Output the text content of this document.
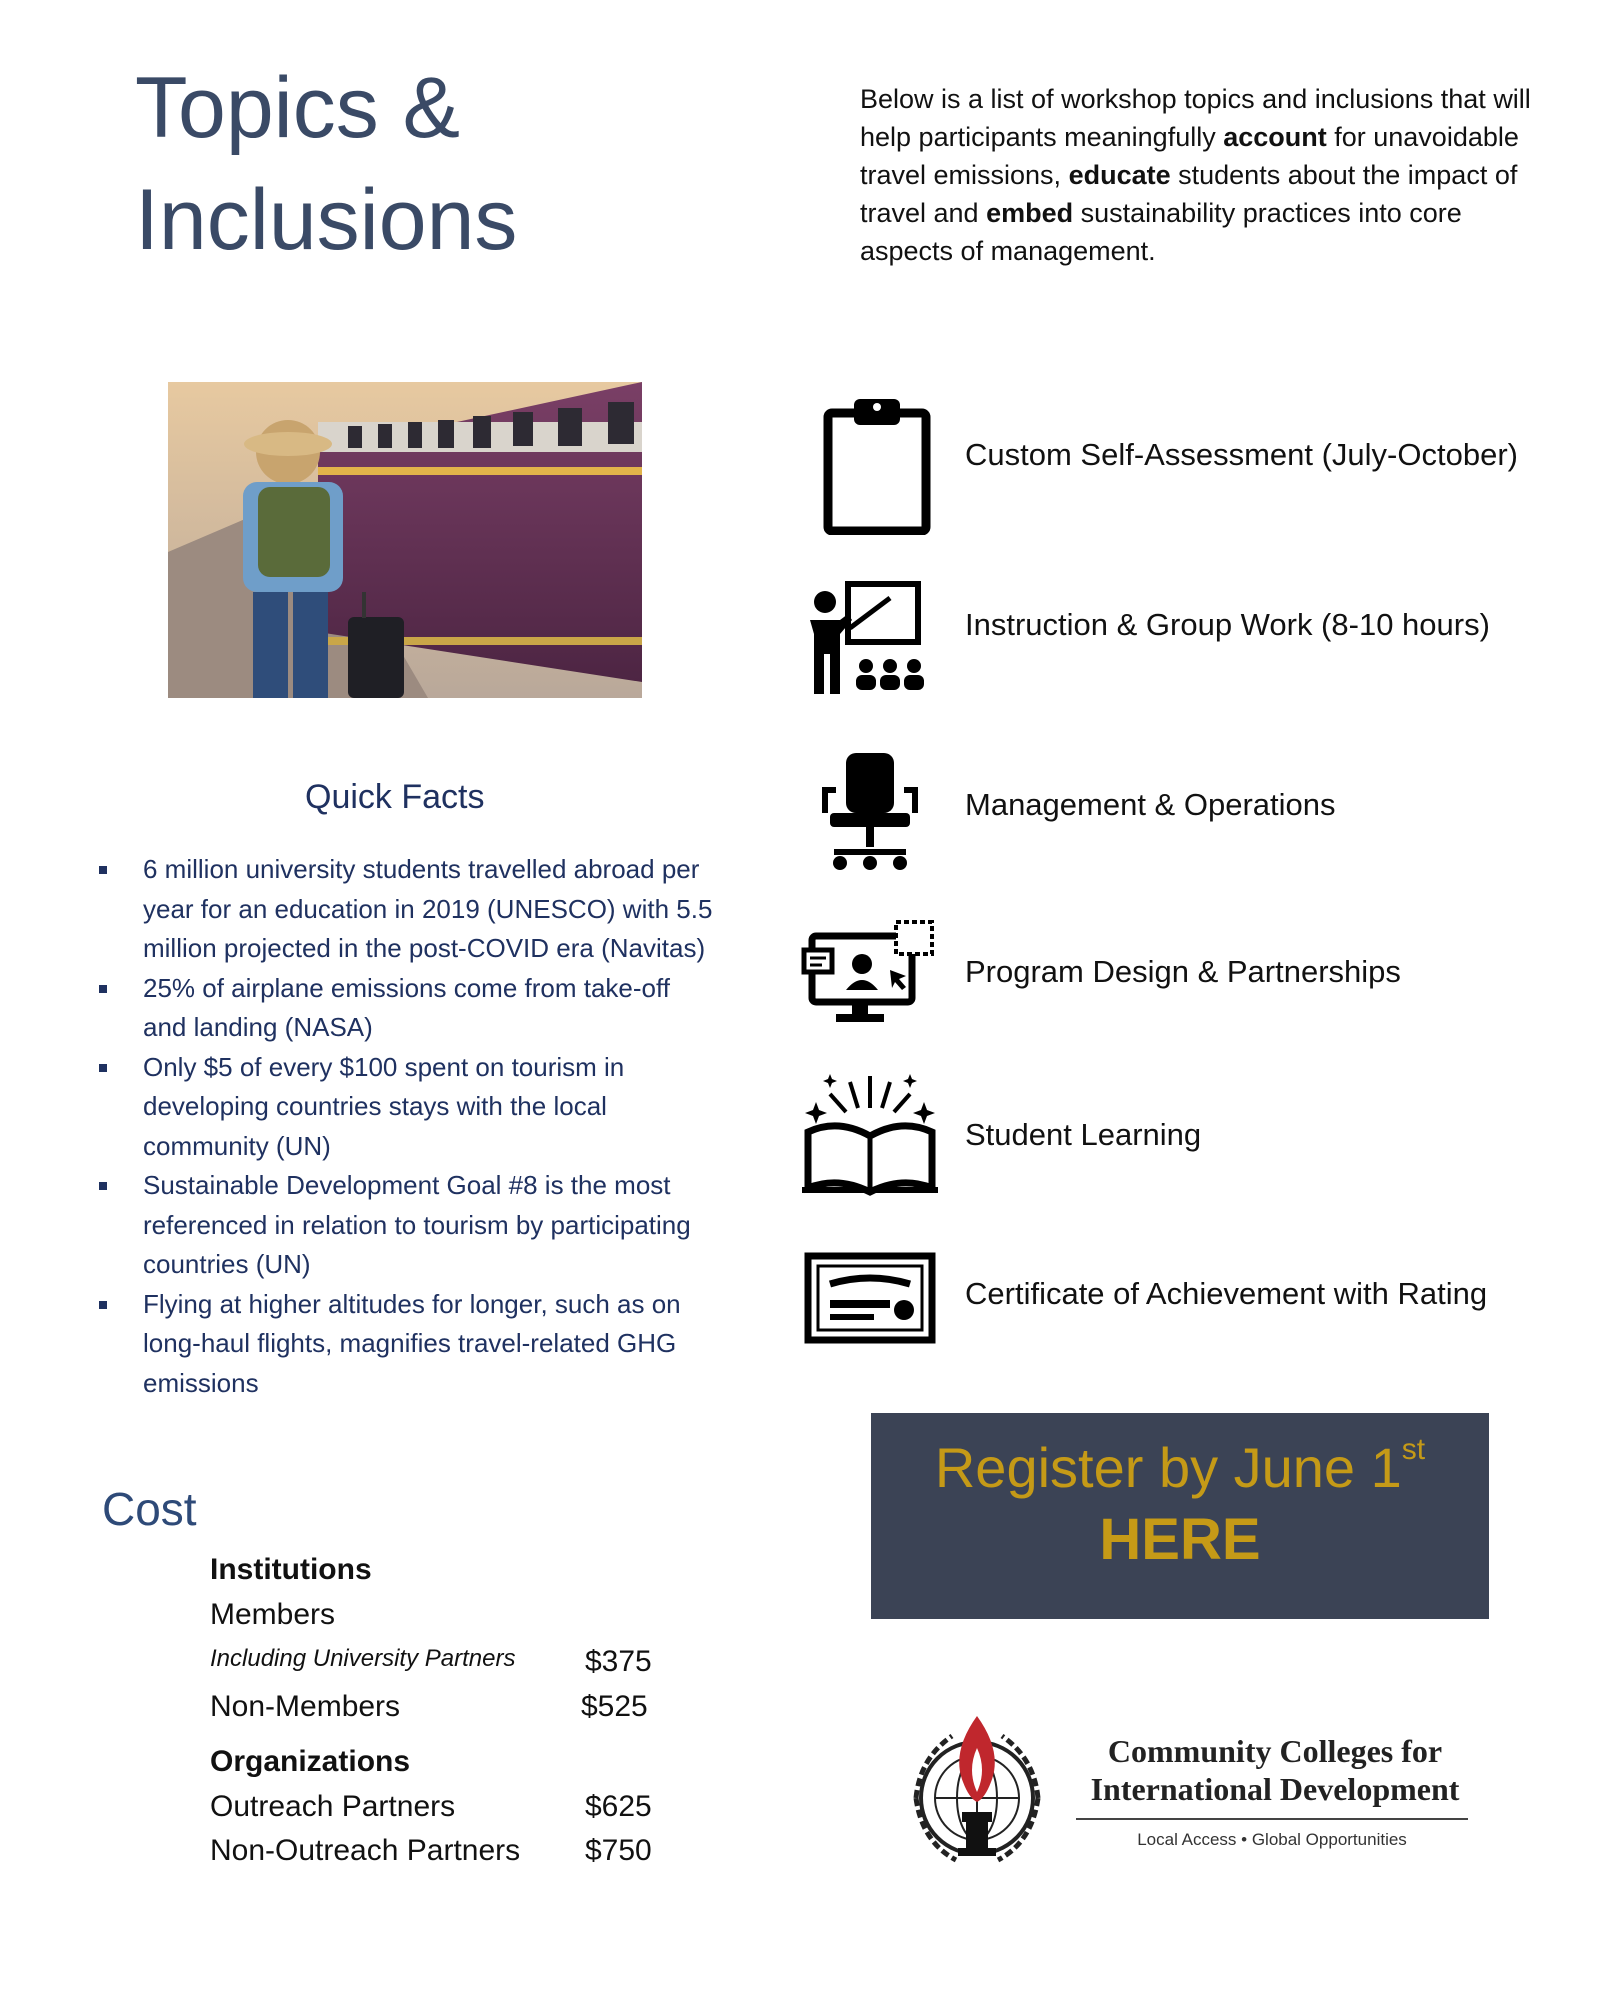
Topics &
Inclusions
Below is a list of workshop topics and inclusions that will help participants meaningfully account for unavoidable travel emissions, educate students about the impact of travel and embed sustainability practices into core aspects of management.
Quick Facts
6 million university students travelled abroad per year for an education in 2019 (UNESCO) with 5.5 million projected in the post-COVID era (Navitas)
25% of airplane emissions come from take-off and landing (NASA)
Only $5 of every $100 spent on tourism in developing countries stays with the local community (UN)
Sustainable Development Goal #8 is the most referenced in relation to tourism by participating countries (UN)
Flying at higher altitudes for longer, such as on long-haul flights, magnifies travel-related GHG emissions
Cost
Institutions
Members
Including University Partners	$375
Non-Members	$525
Organizations
Outreach Partners	$625
Non-Outreach Partners	$750
Custom Self-Assessment (July-October)
Instruction & Group Work (8-10 hours)
Management & Operations
Program Design & Partnerships
Student Learning
Certificate of Achievement with Rating
Register by June 1st
HERE
Community Colleges for
International Development
Local Access • Global Opportunities
